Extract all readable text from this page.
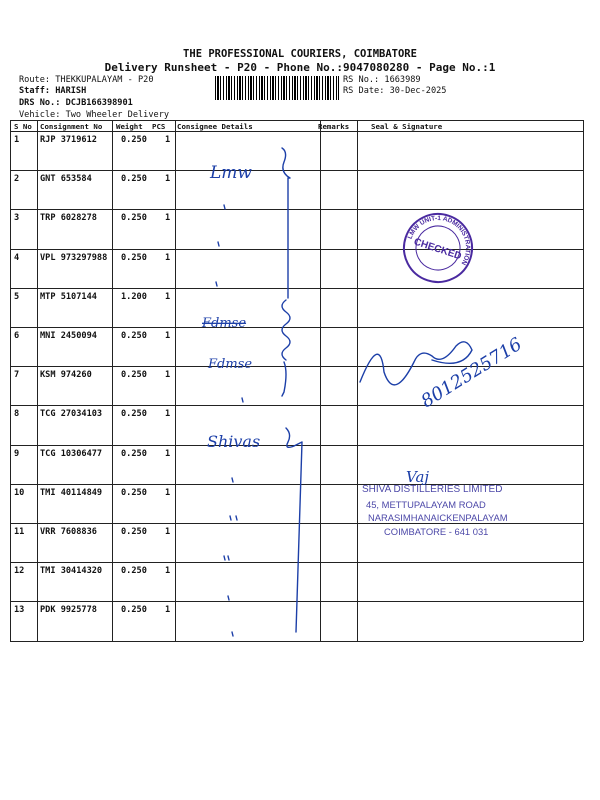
THE PROFESSIONAL COURIERS, COIMBATORE
Delivery Runsheet - P20 - Phone No.:9047080280 - Page No.:1
Route: THEKKUPALAYAM - P20
Staff: HARISH
DRS No.: DCJB166398901
Vehicle: Two Wheeler Delivery
RS No.: 1663989
RS Date: 30-Dec-2025
S No Consignment No Weight PCS Consignee Details	Remarks	Seal & Signature
1 RJP 3719612	0.250 1
2 GNT 653584	0.250 1
3 TRP 6028278	0.250 1
4 VPL 973297988 0.250 1
5 MTP 5107144	1.200 1
6 MNI 2450094	0.250 1
7 KSM 974260	0.250 1
8 TCG 27034103 0.250 1
9 TCG 10306477 0.250 1
10 TMI 40114849 0.250 1
11 VRR 7608836	0.250 1
12 TMI 30414320 0.250 1
13 PDK 9925778	0.250 1
Lmw
Fdmse
Fdmse
Shivas
8012525716
Vaj
CHECKED
LMW UNIT-1 ADMINISTRATION
SHIVA DISTILLERIES LIMITED
45, METTUPALAYAM ROAD
NARASIMHANAICKENPALAYAM
COIMBATORE - 641 031
